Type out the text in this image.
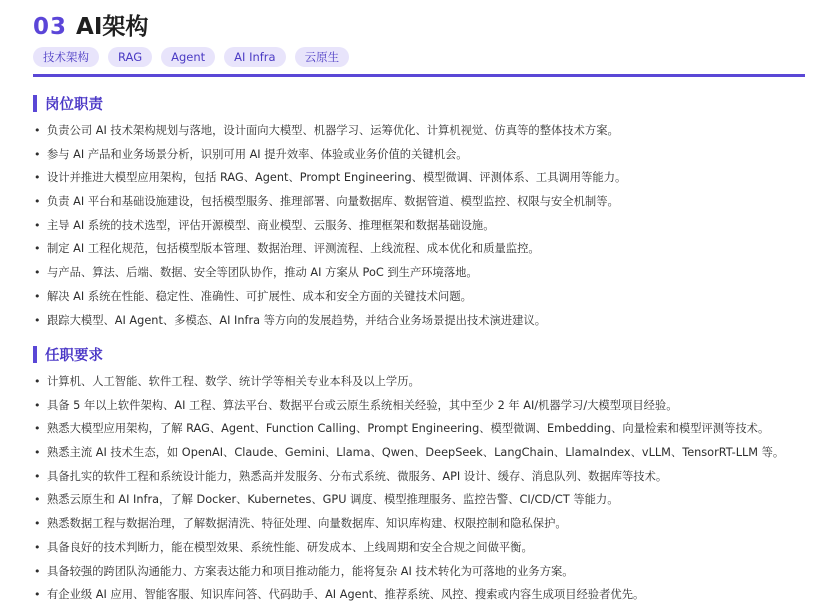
03 AI架构
技术架构	RAG	Agent	AI Infra	云原生
岗位职责
• 负责公司 AI 技术架构规划与落地，设计面向大模型、机器学习、运筹优化、计算机视觉、仿真等的整体技术方案。
• 参与 AI 产品和业务场景分析，识别可用 AI 提升效率、体验或业务价值的关键机会。
• 设计并推进大模型应用架构，包括 RAG、Agent、Prompt Engineering、模型微调、评测体系、工具调用等能力。
• 负责 AI 平台和基础设施建设，包括模型服务、推理部署、向量数据库、数据管道、模型监控、权限与安全机制等。
• 主导 AI 系统的技术选型，评估开源模型、商业模型、云服务、推理框架和数据基础设施。
• 制定 AI 工程化规范，包括模型版本管理、数据治理、评测流程、上线流程、成本优化和质量监控。
• 与产品、算法、后端、数据、安全等团队协作，推动 AI 方案从 PoC 到生产环境落地。
• 解决 AI 系统在性能、稳定性、准确性、可扩展性、成本和安全方面的关键技术问题。
• 跟踪大模型、AI Agent、多模态、AI Infra 等方向的发展趋势，并结合业务场景提出技术演进建议。
任职要求
• 计算机、人工智能、软件工程、数学、统计学等相关专业本科及以上学历。
• 具备 5 年以上软件架构、AI 工程、算法平台、数据平台或云原生系统相关经验，其中至少 2 年 AI/机器学习/大模型项目经验。
• 熟悉大模型应用架构，了解 RAG、Agent、Function Calling、Prompt Engineering、模型微调、Embedding、向量检索和模型评测等技术。
• 熟悉主流 AI 技术生态，如 OpenAI、Claude、Gemini、Llama、Qwen、DeepSeek、LangChain、LlamaIndex、vLLM、TensorRT-LLM 等。
• 具备扎实的软件工程和系统设计能力，熟悉高并发服务、分布式系统、微服务、API 设计、缓存、消息队列、数据库等技术。
• 熟悉云原生和 AI Infra，了解 Docker、Kubernetes、GPU 调度、模型推理服务、监控告警、CI/CD/CT 等能力。
• 熟悉数据工程与数据治理，了解数据清洗、特征处理、向量数据库、知识库构建、权限控制和隐私保护。
• 具备良好的技术判断力，能在模型效果、系统性能、研发成本、上线周期和安全合规之间做平衡。
• 具备较强的跨团队沟通能力、方案表达能力和项目推动能力，能将复杂 AI 技术转化为可落地的业务方案。
• 有企业级 AI 应用、智能客服、知识库问答、代码助手、AI Agent、推荐系统、风控、搜索或内容生成项目经验者优先。
